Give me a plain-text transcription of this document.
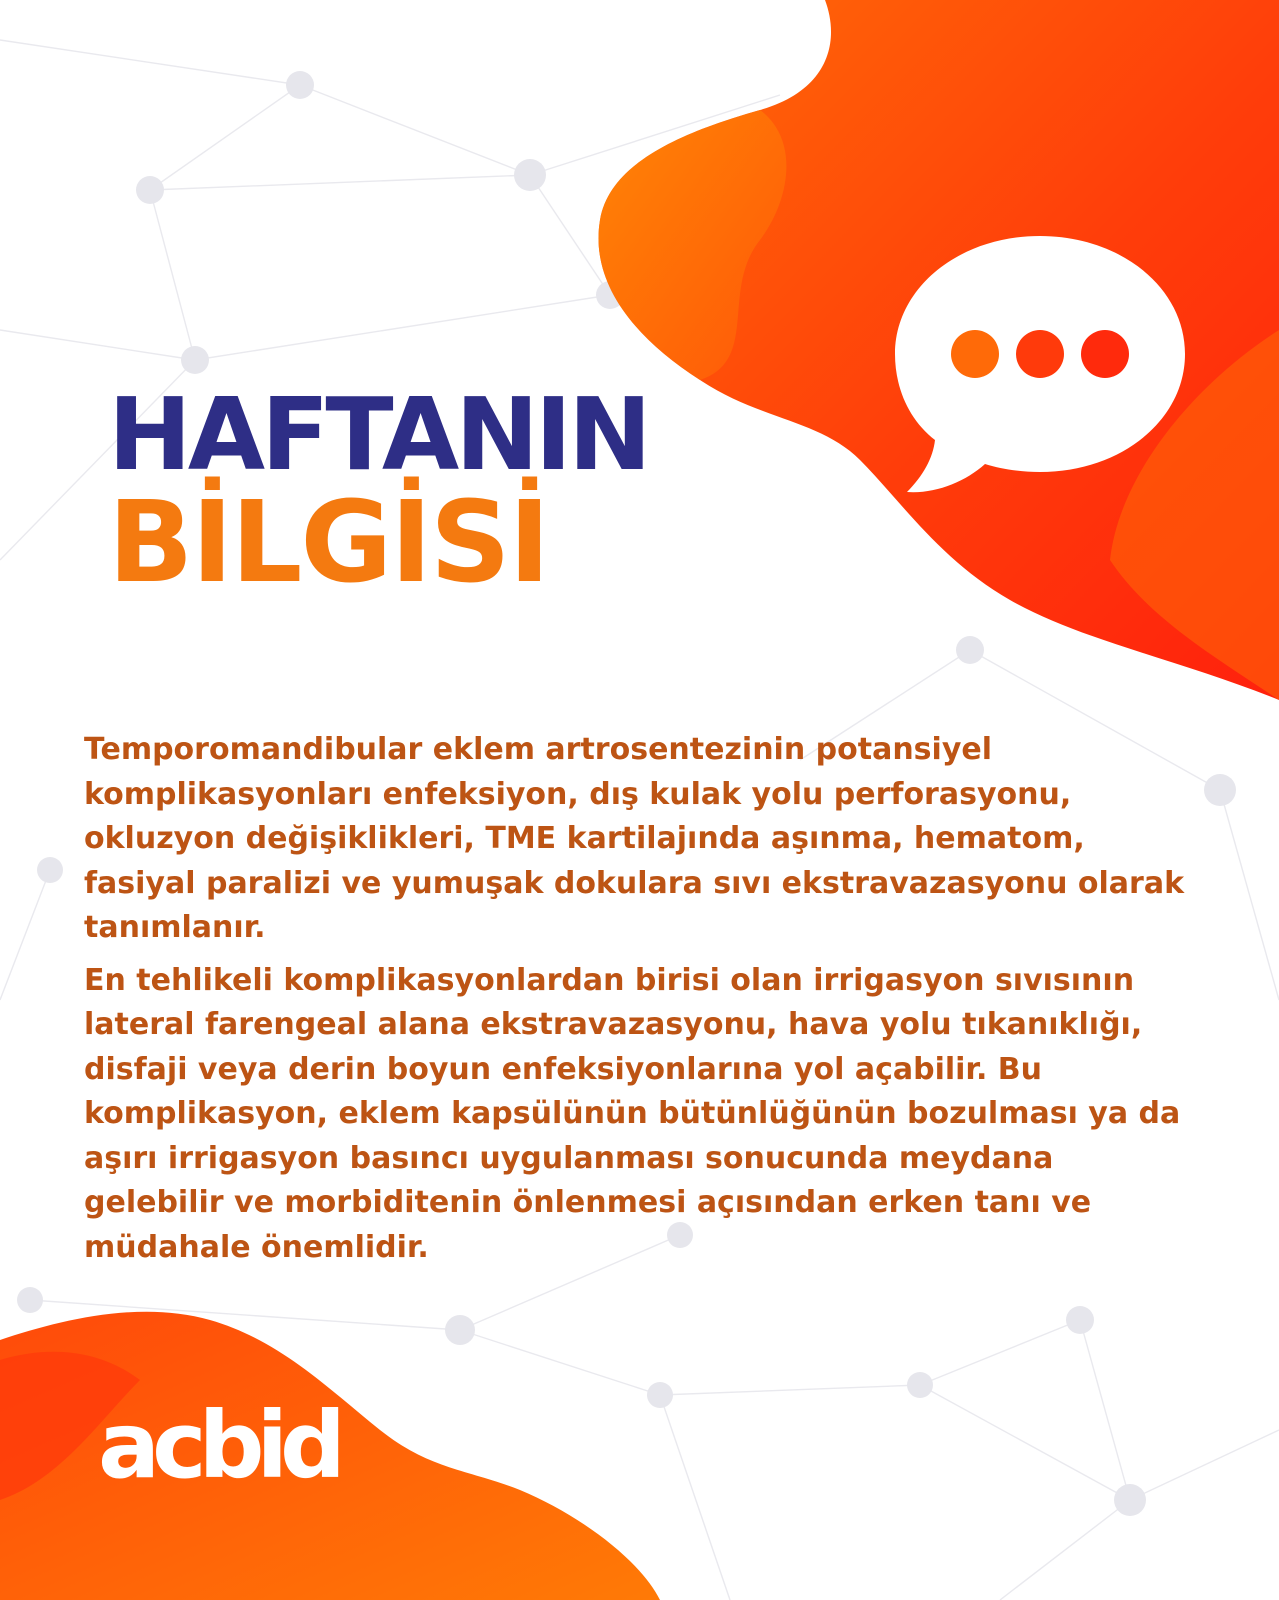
HAFTANIN
BİLGİSİ

Temporomandibular eklem artrosentezinin potansiyel komplikasyonları enfeksiyon, dış kulak yolu perforasyonu, okluzyon değişiklikleri, TME kartilajında aşınma, hematom, fasiyal paralizi ve yumuşak dokulara sıvı ekstravazasyonu olarak tanımlanır.

En tehlikeli komplikasyonlardan birisi olan irrigasyon sıvısının lateral farengeal alana ekstravazasyonu, hava yolu tıkanıklığı, disfaji veya derin boyun enfeksiyonlarına yol açabilir. Bu komplikasyon, eklem kapsülünün bütünlüğünün bozulması ya da aşırı irrigasyon basıncı uygulanması sonucunda meydana gelebilir ve morbiditenin önlenmesi açısından erken tanı ve müdahale önemlidir.

acbid
